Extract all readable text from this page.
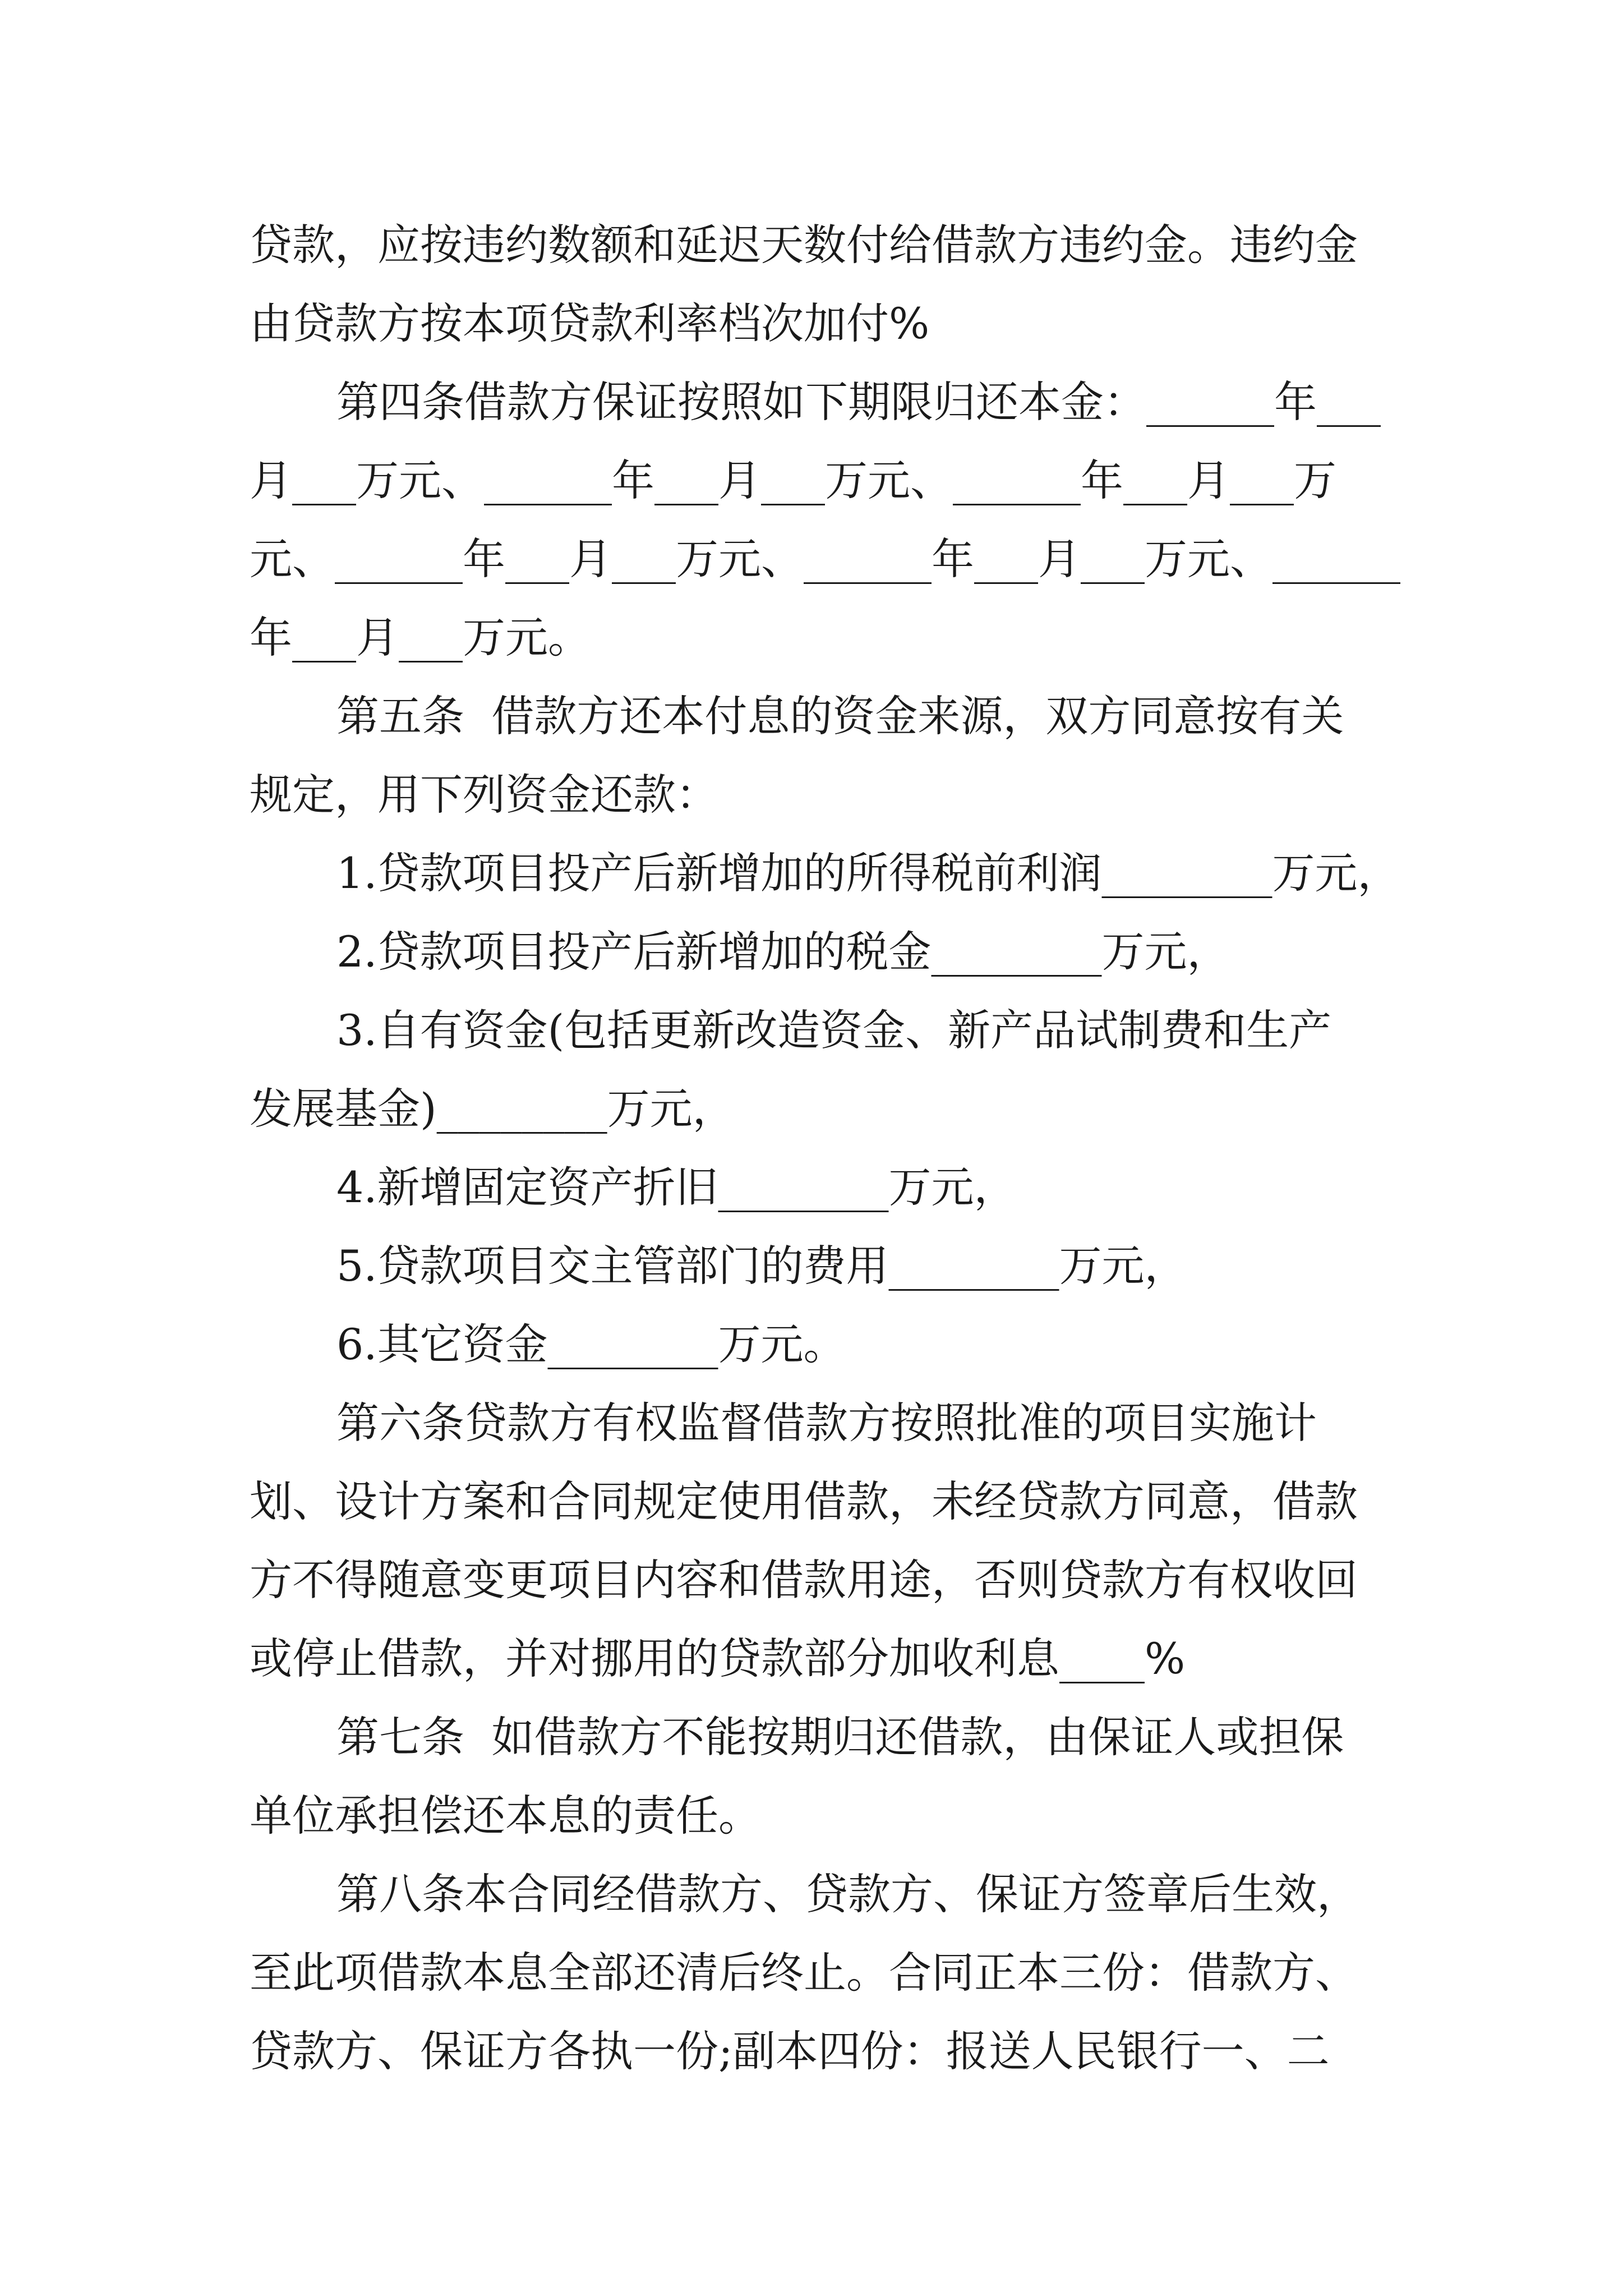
贷款，应按违约数额和延迟天数付给借款方违约金。违约金
由贷款方按本项贷款利率档次加付%
第四条借款方保证按照如下期限归还本金：______年___
月___万元、______年___月___万元、______年___月___万
元、______年___月___万元、______年___月___万元、______
年___月___万元。
第五条  借款方还本付息的资金来源，双方同意按有关
规定，用下列资金还款：
1.贷款项目投产后新增加的所得税前利润________万元，
2.贷款项目投产后新增加的税金________万元，
3.自有资金(包括更新改造资金、新产品试制费和生产
发展基金)________万元，
4.新增固定资产折旧________万元，
5.贷款项目交主管部门的费用________万元，
6.其它资金________万元。
第六条贷款方有权监督借款方按照批准的项目实施计
划、设计方案和合同规定使用借款，未经贷款方同意，借款
方不得随意变更项目内容和借款用途，否则贷款方有权收回
或停止借款，并对挪用的贷款部分加收利息____%
第七条  如借款方不能按期归还借款，由保证人或担保
单位承担偿还本息的责任。
第八条本合同经借款方、贷款方、保证方签章后生效，
至此项借款本息全部还清后终止。合同正本三份：借款方、
贷款方、保证方各执一份;副本四份：报送人民银行一、二
